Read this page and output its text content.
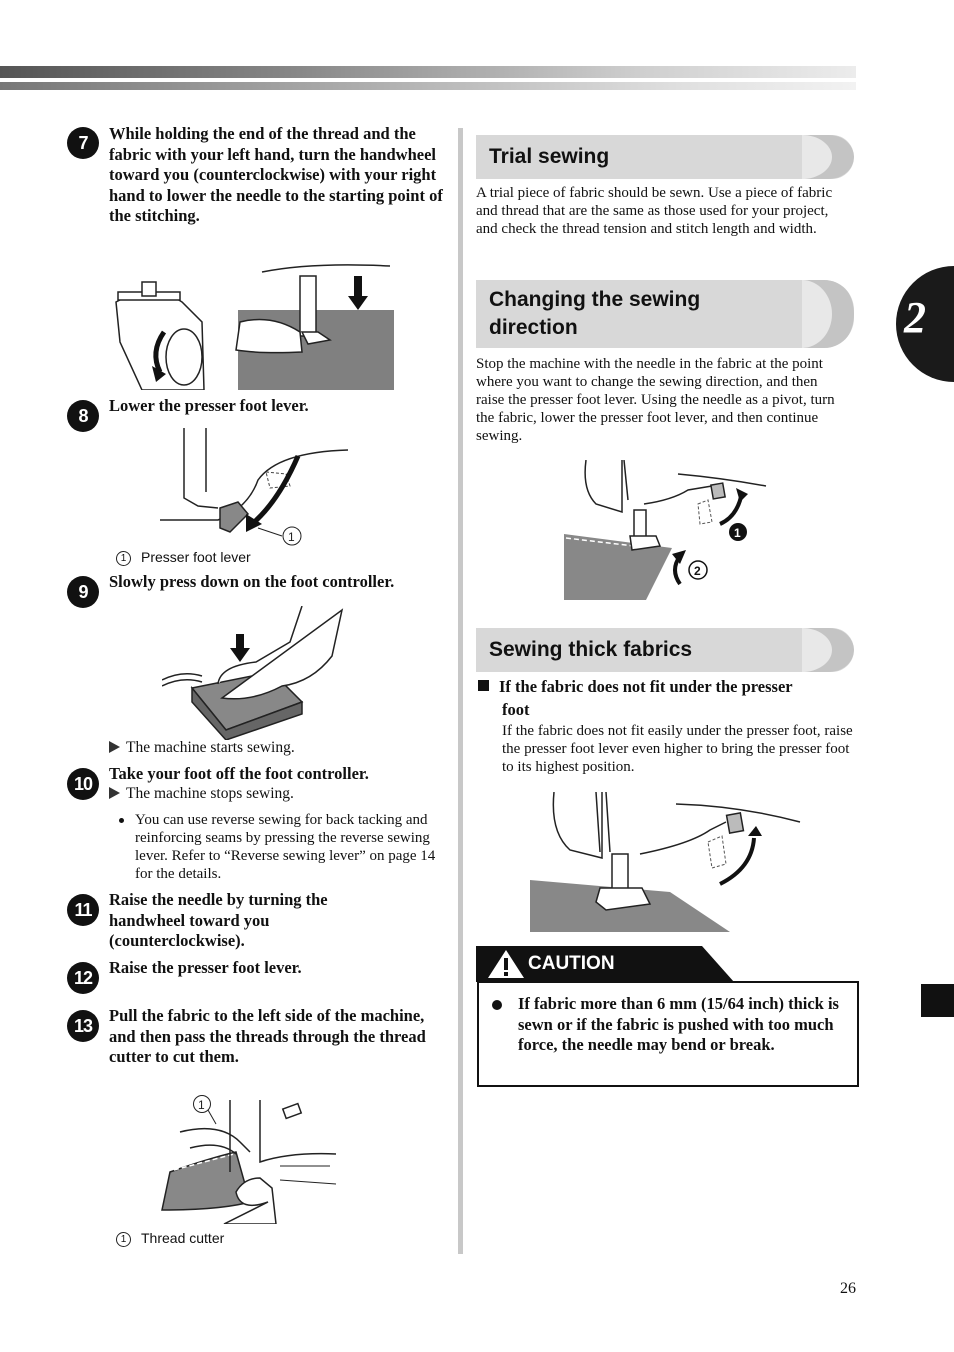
2
7	While holding the end of the thread and the fabric with your left hand, turn the handwheel toward you (counterclockwise) with your right hand to lower the needle to the starting point of the stitching.
8	Lower the presser foot lever.
1
1 Presser foot lever
9	Slowly press down on the foot controller.
The machine starts sewing.
10	Take your foot off the foot controller.
The machine stops sewing.
You can use reverse sewing for back tacking and reinforcing seams by pressing the reverse sewing lever. Refer to “Reverse sewing lever” on page 14 for the details.
11	Raise the needle by turning the handwheel toward you (counterclockwise).
12	Raise the presser foot lever.
13	Pull the fabric to the left side of the machine, and then pass the threads through the thread cutter to cut them.
1
1 Thread cutter
Trial sewing
A trial piece of fabric should be sewn. Use a piece of fabric and thread that are the same as those used for your project, and check the thread tension and stitch length and width.
Changing the sewing
direction
Stop the machine with the needle in the fabric at the point where you want to change the sewing direction, and then raise the presser foot lever. Using the needle as a pivot, turn the fabric, lower the presser foot lever, and then continue sewing.
1
2
Sewing thick fabrics
If the fabric does not fit under the presser
foot
If the fabric does not fit easily under the presser foot, raise the presser foot lever even higher to bring the presser foot to its highest position.
CAUTION
If fabric more than 6 mm (15/64 inch) thick is sewn or if the fabric is pushed with too much force, the needle may bend or break.
26
